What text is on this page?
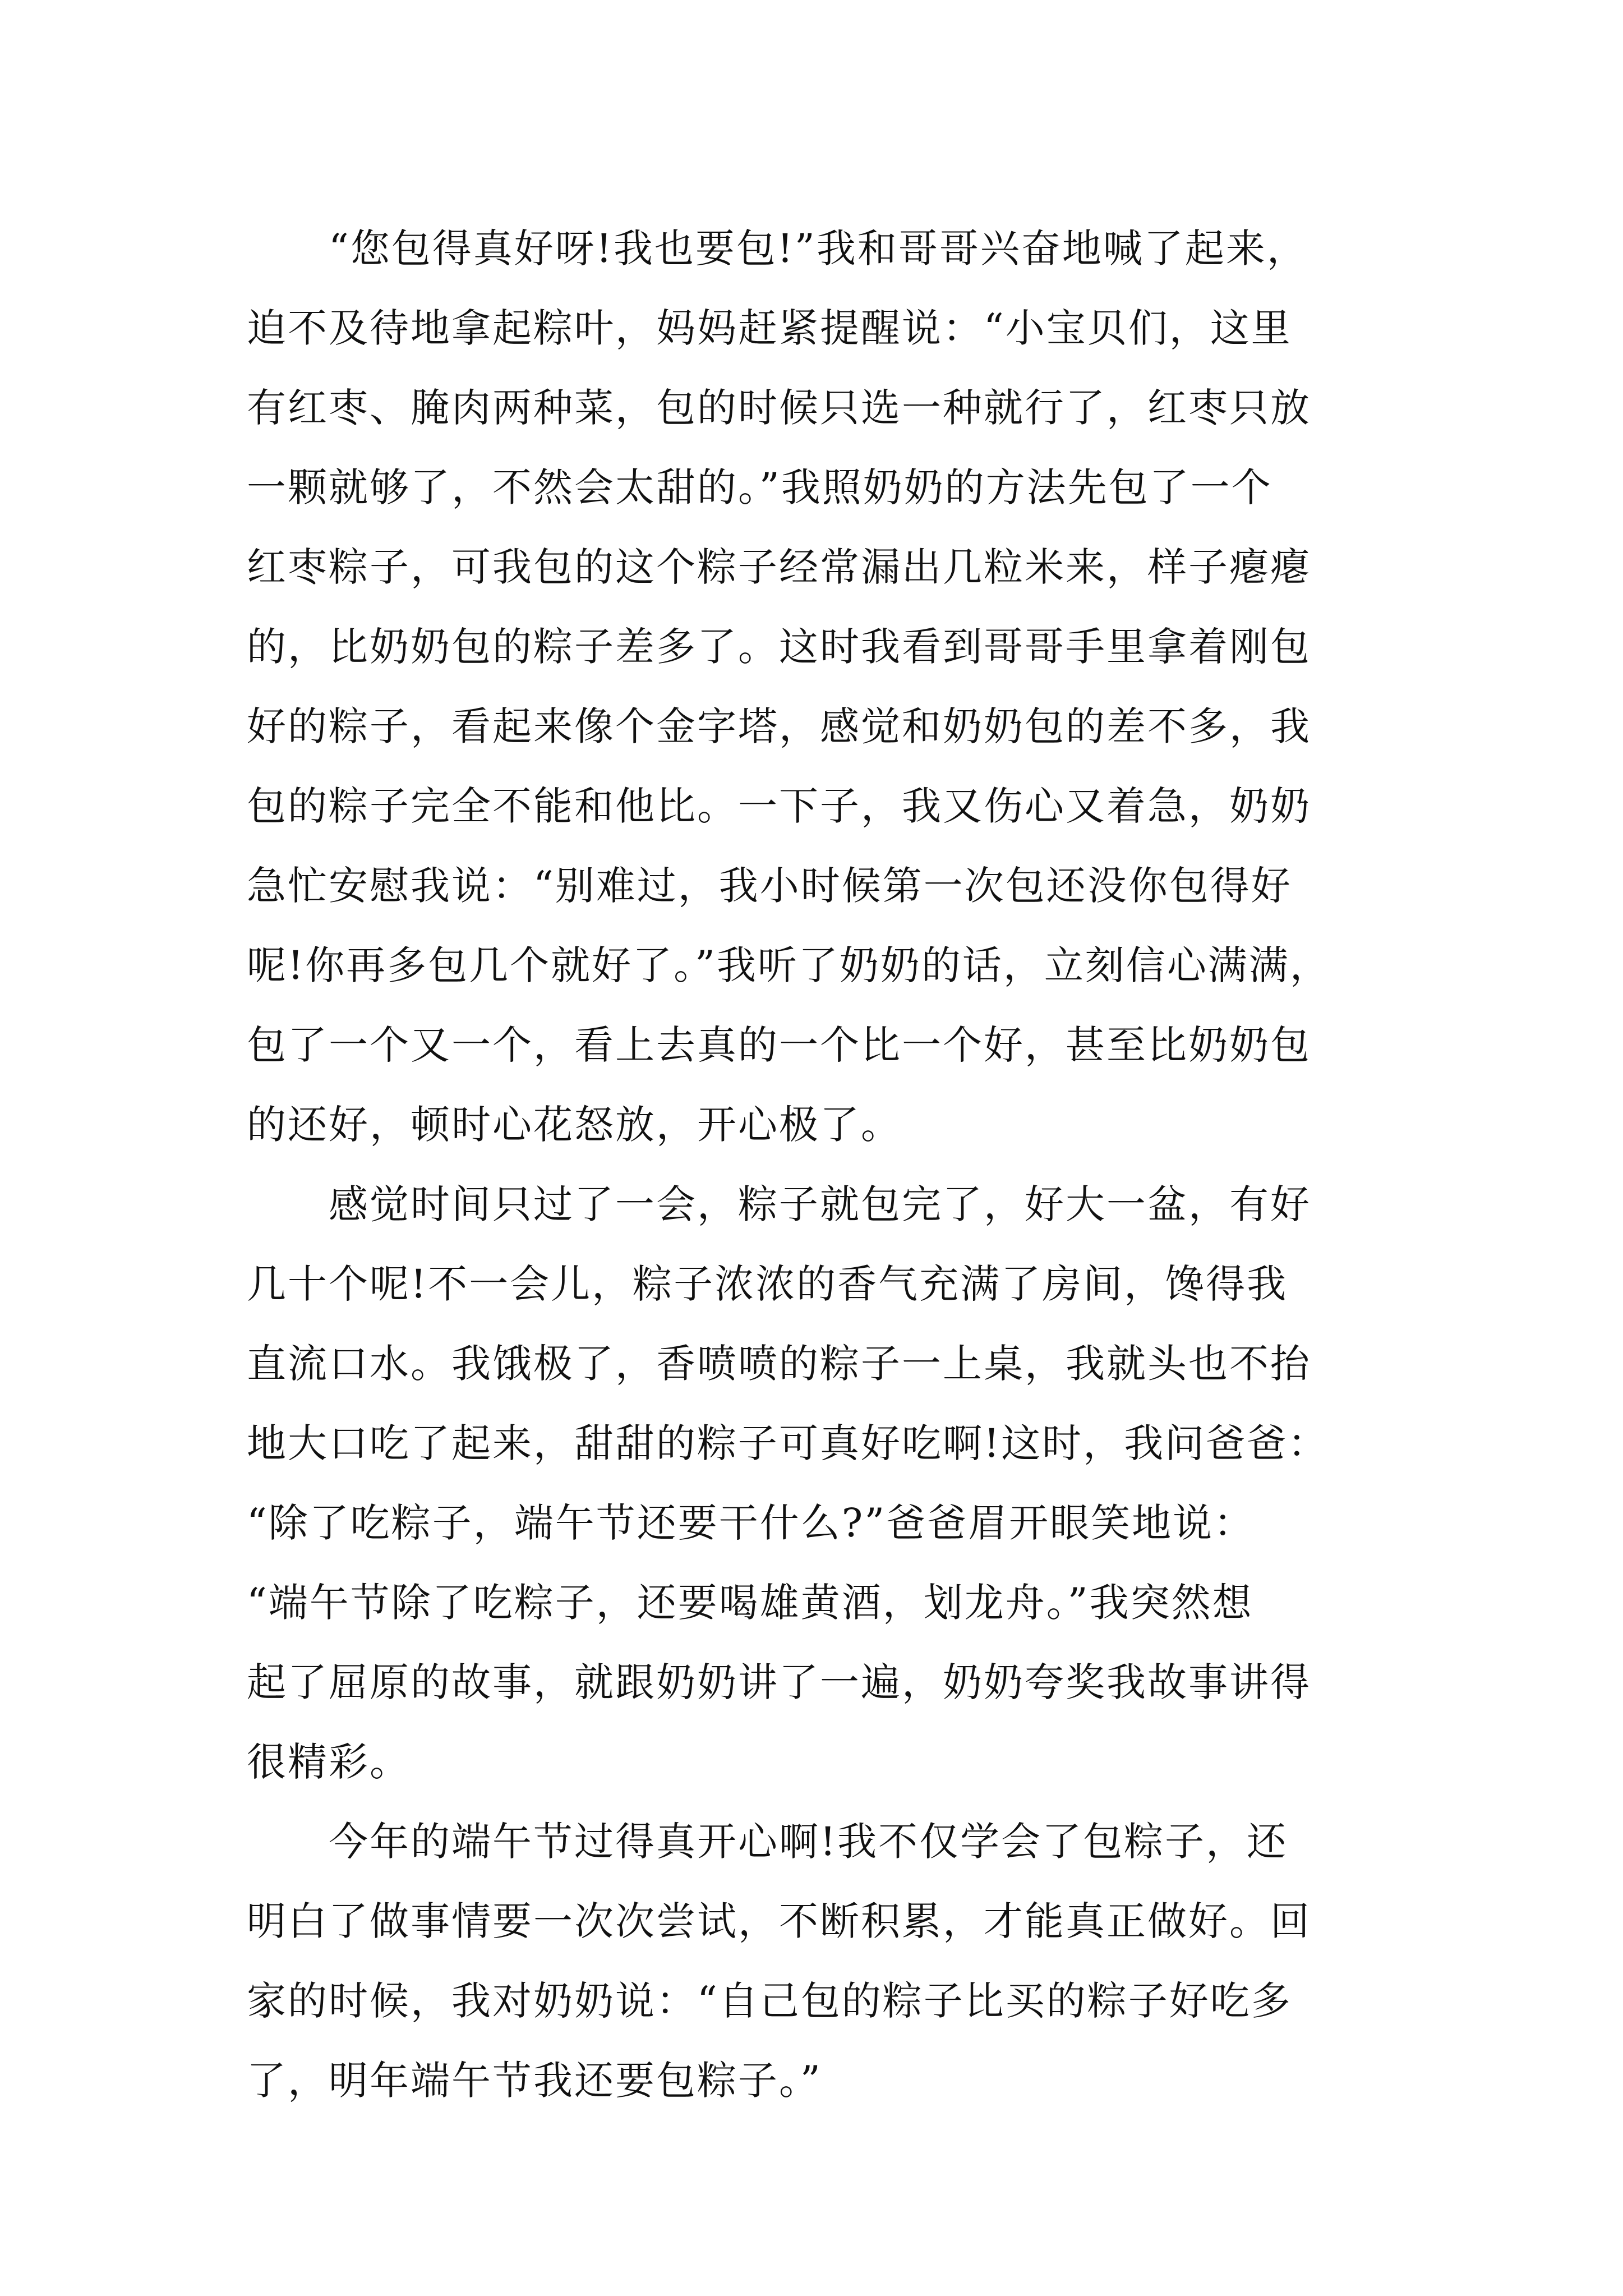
“您包得真好呀!我也要包!”我和哥哥兴奋地喊了起来，
迫不及待地拿起粽叶，妈妈赶紧提醒说：“小宝贝们，这里
有红枣、腌肉两种菜，包的时候只选一种就行了，红枣只放
一颗就够了，不然会太甜的。”我照奶奶的方法先包了一个
红枣粽子，可我包的这个粽子经常漏出几粒米来，样子瘪瘪
的，比奶奶包的粽子差多了。这时我看到哥哥手里拿着刚包
好的粽子，看起来像个金字塔，感觉和奶奶包的差不多，我
包的粽子完全不能和他比。一下子，我又伤心又着急，奶奶
急忙安慰我说：“别难过，我小时候第一次包还没你包得好
呢!你再多包几个就好了。”我听了奶奶的话，立刻信心满满，
包了一个又一个，看上去真的一个比一个好，甚至比奶奶包
的还好，顿时心花怒放，开心极了。
感觉时间只过了一会，粽子就包完了，好大一盆，有好
几十个呢!不一会儿，粽子浓浓的香气充满了房间，馋得我
直流口水。我饿极了，香喷喷的粽子一上桌，我就头也不抬
地大口吃了起来，甜甜的粽子可真好吃啊!这时，我问爸爸：
“除了吃粽子，端午节还要干什么?”爸爸眉开眼笑地说：
“端午节除了吃粽子，还要喝雄黄酒，划龙舟。”我突然想
起了屈原的故事，就跟奶奶讲了一遍，奶奶夸奖我故事讲得
很精彩。
今年的端午节过得真开心啊!我不仅学会了包粽子，还
明白了做事情要一次次尝试，不断积累，才能真正做好。回
家的时候，我对奶奶说：“自己包的粽子比买的粽子好吃多
了，明年端午节我还要包粽子。”
